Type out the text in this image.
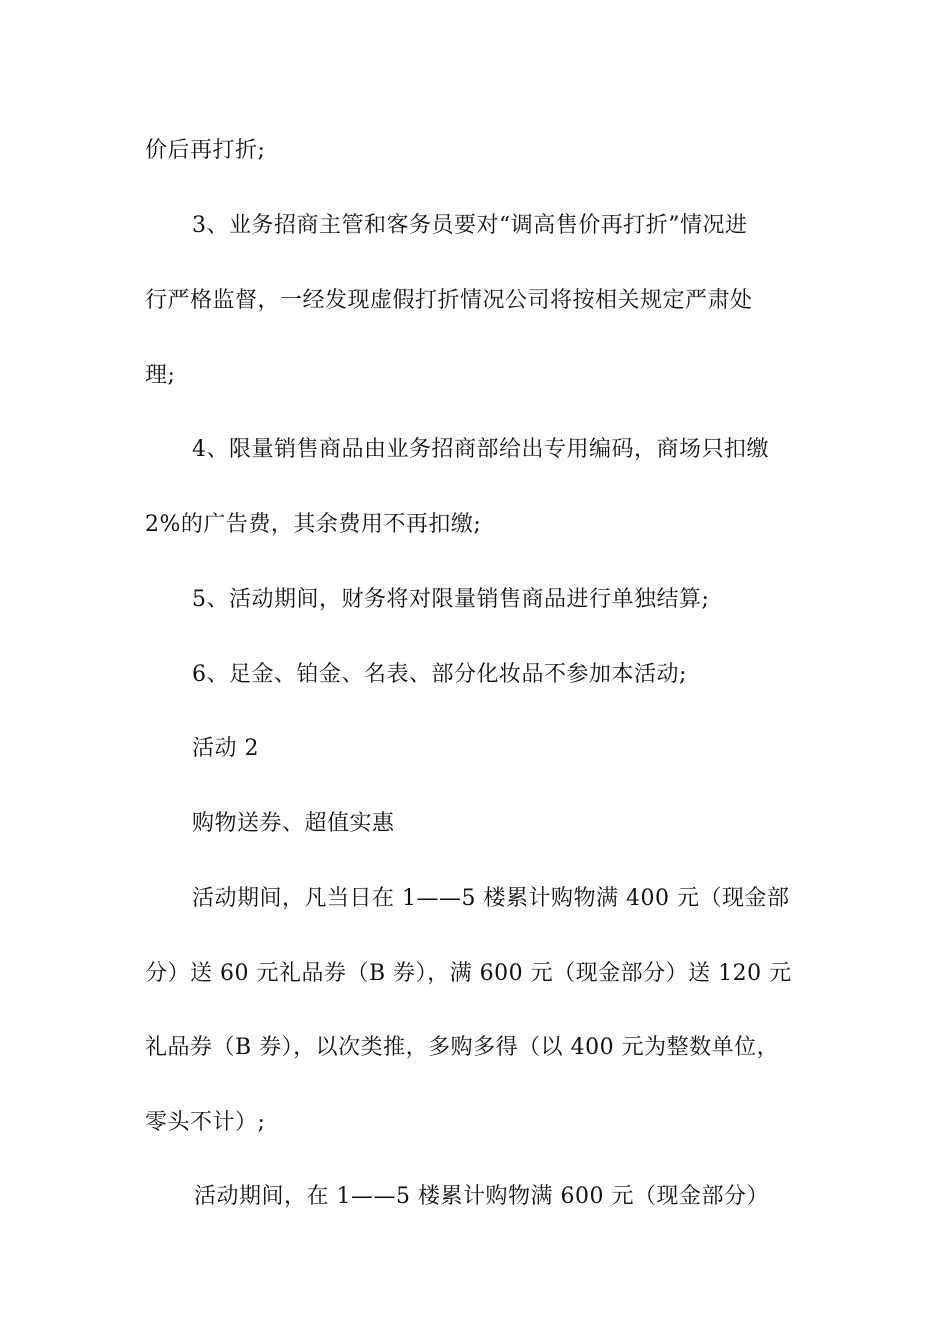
价后再打折;
3、业务招商主管和客务员要对“调高售价再打折”情况进
行严格监督，一经发现虚假打折情况公司将按相关规定严肃处
理;
4、限量销售商品由业务招商部给出专用编码，商场只扣缴
2%的广告费，其余费用不再扣缴;
5、活动期间，财务将对限量销售商品进行单独结算;
6、足金、铂金、名表、部分化妆品不参加本活动;
活动 2
购物送券、超值实惠
活动期间，凡当日在 1——5 楼累计购物满 400 元（现金部
分）送 60 元礼品券（B 券），满 600 元（现金部分）送 120 元
礼品券（B 券），以次类推，多购多得（以 400 元为整数单位，
零头不计）;
活动期间，在 1——5 楼累计购物满 600 元（现金部分）
